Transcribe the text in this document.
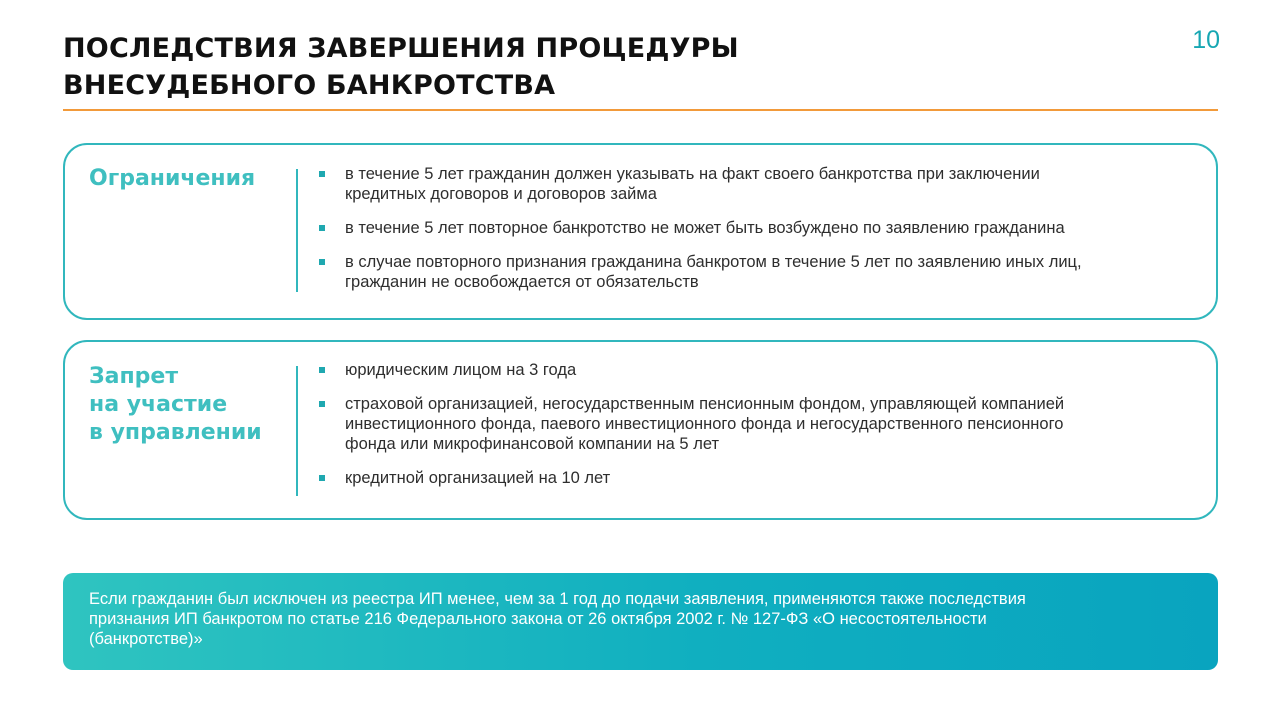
ПОСЛЕДСТВИЯ ЗАВЕРШЕНИЯ ПРОЦЕДУРЫ
ВНЕСУДЕБНОГО БАНКРОТСТВА
10
Ограничения	в течение 5 лет гражданин должен указывать на факт своего банкротства при заключении
кредитных договоров и договоров займа
в течение 5 лет повторное банкротство не может быть возбуждено по заявлению гражданина
в случае повторного признания гражданина банкротом в течение 5 лет по заявлению иных лиц,
гражданин не освобождается от обязательств
Запрет
на участие
в управлении
юридическим лицом на 3 года
страховой организацией, негосударственным пенсионным фондом, управляющей компанией
инвестиционного фонда, паевого инвестиционного фонда и негосударственного пенсионного
фонда или микрофинансовой компании на 5 лет
кредитной организацией на 10 лет
Если гражданин был исключен из реестра ИП менее, чем за 1 год до подачи заявления, применяются также последствия
признания ИП банкротом по статье 216 Федерального закона от 26 октября 2002 г. № 127-ФЗ «О несостоятельности
(банкротстве)»
